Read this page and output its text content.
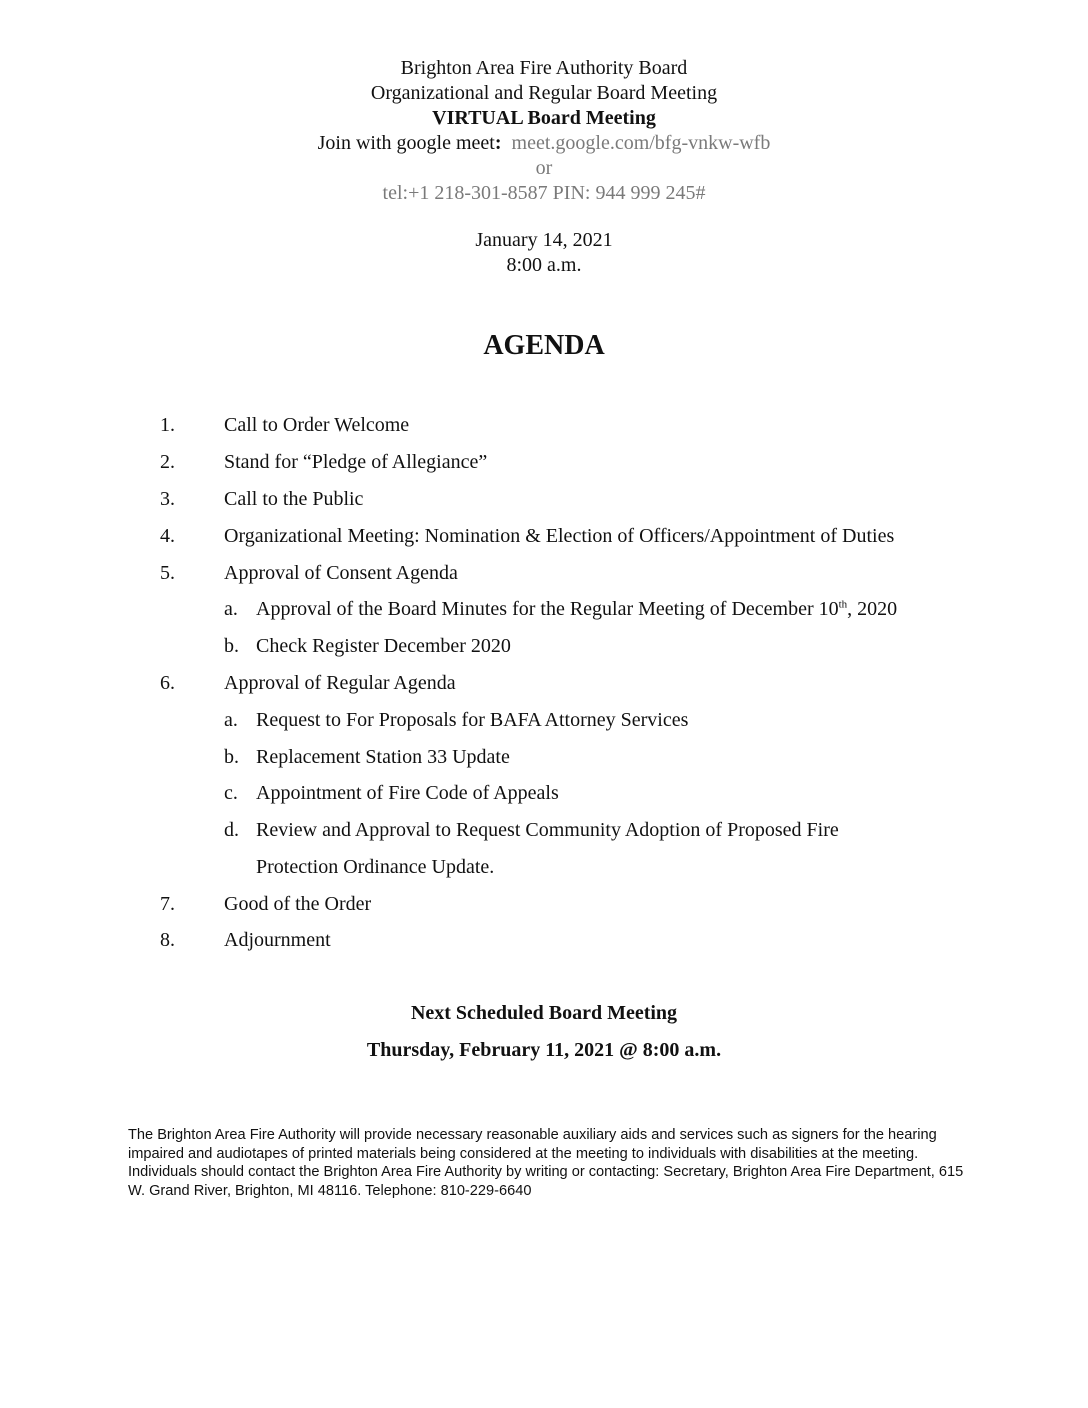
Brighton Area Fire Authority Board
Organizational and Regular Board Meeting
VIRTUAL Board Meeting
Join with google meet: meet.google.com/bfg-vnkw-wfb
or
tel:+1 218-301-8587 PIN: 944 999 245#
January 14, 2021
8:00 a.m.
AGENDA
1. Call to Order Welcome
2. Stand for “Pledge of Allegiance”
3. Call to the Public
4. Organizational Meeting: Nomination & Election of Officers/Appointment of Duties
5. Approval of Consent Agenda
a. Approval of the Board Minutes for the Regular Meeting of December 10th, 2020
b. Check Register December 2020
6. Approval of Regular Agenda
a. Request to For Proposals for BAFA Attorney Services
b. Replacement Station 33 Update
c. Appointment of Fire Code of Appeals
d. Review and Approval to Request Community Adoption of Proposed Fire
Protection Ordinance Update.
7. Good of the Order
8. Adjournment
Next Scheduled Board Meeting
Thursday, February 11, 2021 @ 8:00 a.m.
The Brighton Area Fire Authority will provide necessary reasonable auxiliary aids and services such as signers for the hearing impaired and audiotapes of printed materials being considered at the meeting to individuals with disabilities at the meeting. Individuals should contact the Brighton Area Fire Authority by writing or contacting: Secretary, Brighton Area Fire Department, 615 W. Grand River, Brighton, MI 48116. Telephone: 810-229-6640
